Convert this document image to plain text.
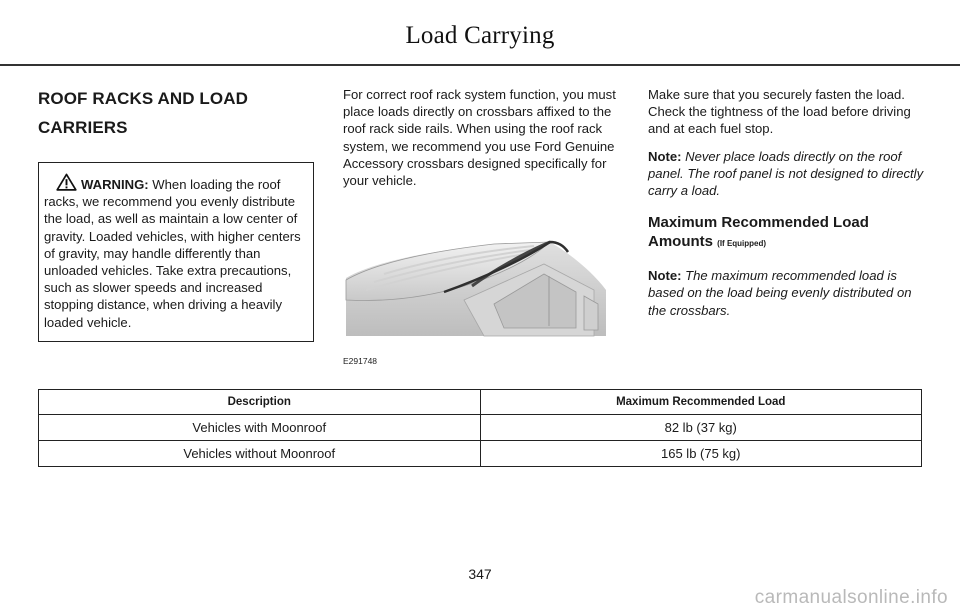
Load Carrying
ROOF RACKS AND LOAD
CARRIERS
WARNING: When loading the roof racks, we recommend you evenly distribute the load, as well as maintain a low center of gravity. Loaded vehicles, with higher centers of gravity, may handle differently than unloaded vehicles. Take extra precautions, such as slower speeds and increased stopping distance, when driving a heavily loaded vehicle.

For correct roof rack system function, you must place loads directly on crossbars affixed to the roof rack side rails. When using the roof rack system, we recommend you use Ford Genuine Accessory crossbars designed specifically for your vehicle.

E291748

Make sure that you securely fasten the load. Check the tightness of the load before driving and at each fuel stop.

Note: Never place loads directly on the roof panel. The roof panel is not designed to directly carry a load.

Maximum Recommended Load
Amounts (If Equipped)

Note: The maximum recommended load is based on the load being evenly distributed on the crossbars.

Description	Maximum Recommended Load
Vehicles with Moonroof	82 lb (37 kg)
Vehicles without Moonroof	165 lb (75 kg)
347
carmanualsonline.info
